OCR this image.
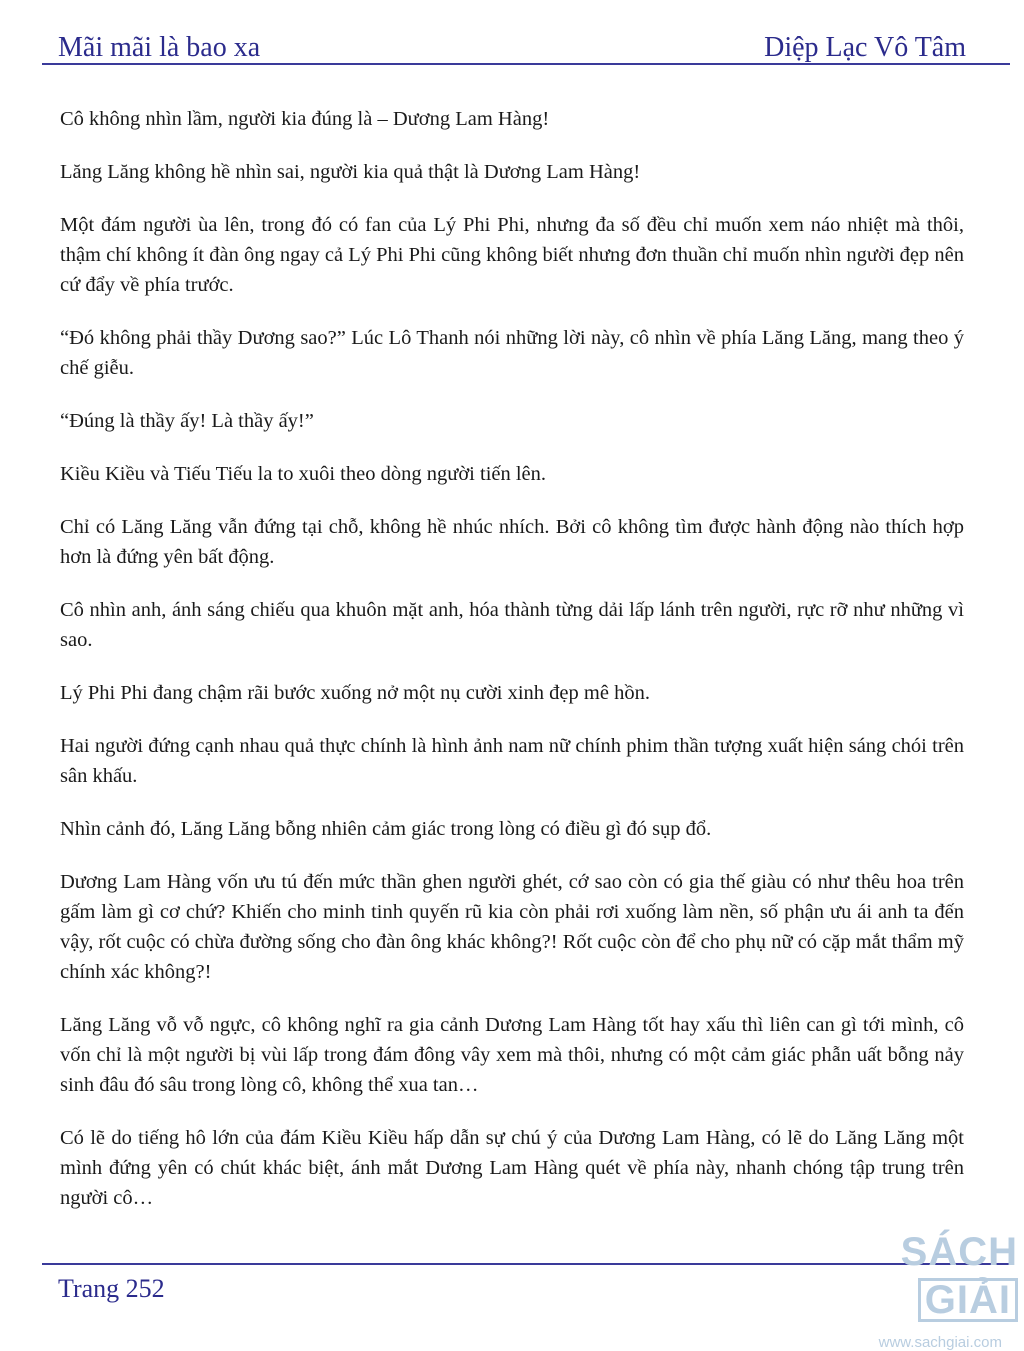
Mãi mãi là bao xa	Diệp Lạc Vô Tâm

Cô không nhìn lầm, người kia đúng là – Dương Lam Hàng!

Lăng Lăng không hề nhìn sai, người kia quả thật là Dương Lam Hàng!

Một đám người ùa lên, trong đó có fan của Lý Phi Phi, nhưng đa số đều chỉ muốn xem náo nhiệt mà thôi, thậm chí không ít đàn ông ngay cả Lý Phi Phi cũng không biết nhưng đơn thuần chỉ muốn nhìn người đẹp nên cứ đẩy về phía trước.

“Đó không phải thầy Dương sao?” Lúc Lô Thanh nói những lời này, cô nhìn về phía Lăng Lăng, mang theo ý chế giễu.

“Đúng là thầy ấy! Là thầy ấy!”

Kiều Kiều và Tiếu Tiếu la to xuôi theo dòng người tiến lên.

Chỉ có Lăng Lăng vẫn đứng tại chỗ, không hề nhúc nhích. Bởi cô không tìm được hành động nào thích hợp hơn là đứng yên bất động.

Cô nhìn anh, ánh sáng chiếu qua khuôn mặt anh, hóa thành từng dải lấp lánh trên người, rực rỡ như những vì sao.

Lý Phi Phi đang chậm rãi bước xuống nở một nụ cười xinh đẹp mê hồn.

Hai người đứng cạnh nhau quả thực chính là hình ảnh nam nữ chính phim thần tượng xuất hiện sáng chói trên sân khấu.

Nhìn cảnh đó, Lăng Lăng bỗng nhiên cảm giác trong lòng có điều gì đó sụp đổ.

Dương Lam Hàng vốn ưu tú đến mức thần ghen người ghét, cớ sao còn có gia thế giàu có như thêu hoa trên gấm làm gì cơ chứ? Khiến cho minh tinh quyến rũ kia còn phải rơi xuống làm nền, số phận ưu ái anh ta đến vậy, rốt cuộc có chừa đường sống cho đàn ông khác không?! Rốt cuộc còn để cho phụ nữ có cặp mắt thẩm mỹ chính xác không?!

Lăng Lăng vỗ vỗ ngực, cô không nghĩ ra gia cảnh Dương Lam Hàng tốt hay xấu thì liên can gì tới mình, cô vốn chỉ là một người bị vùi lấp trong đám đông vây xem mà thôi, nhưng có một cảm giác phẫn uất bỗng nảy sinh đâu đó sâu trong lòng cô, không thể xua tan…

Có lẽ do tiếng hô lớn của đám Kiều Kiều hấp dẫn sự chú ý của Dương Lam Hàng, có lẽ do Lăng Lăng một mình đứng yên có chút khác biệt, ánh mắt Dương Lam Hàng quét về phía này, nhanh chóng tập trung trên người cô…

Trang 252
SÁCHGIẢI
www.sachgiai.com
